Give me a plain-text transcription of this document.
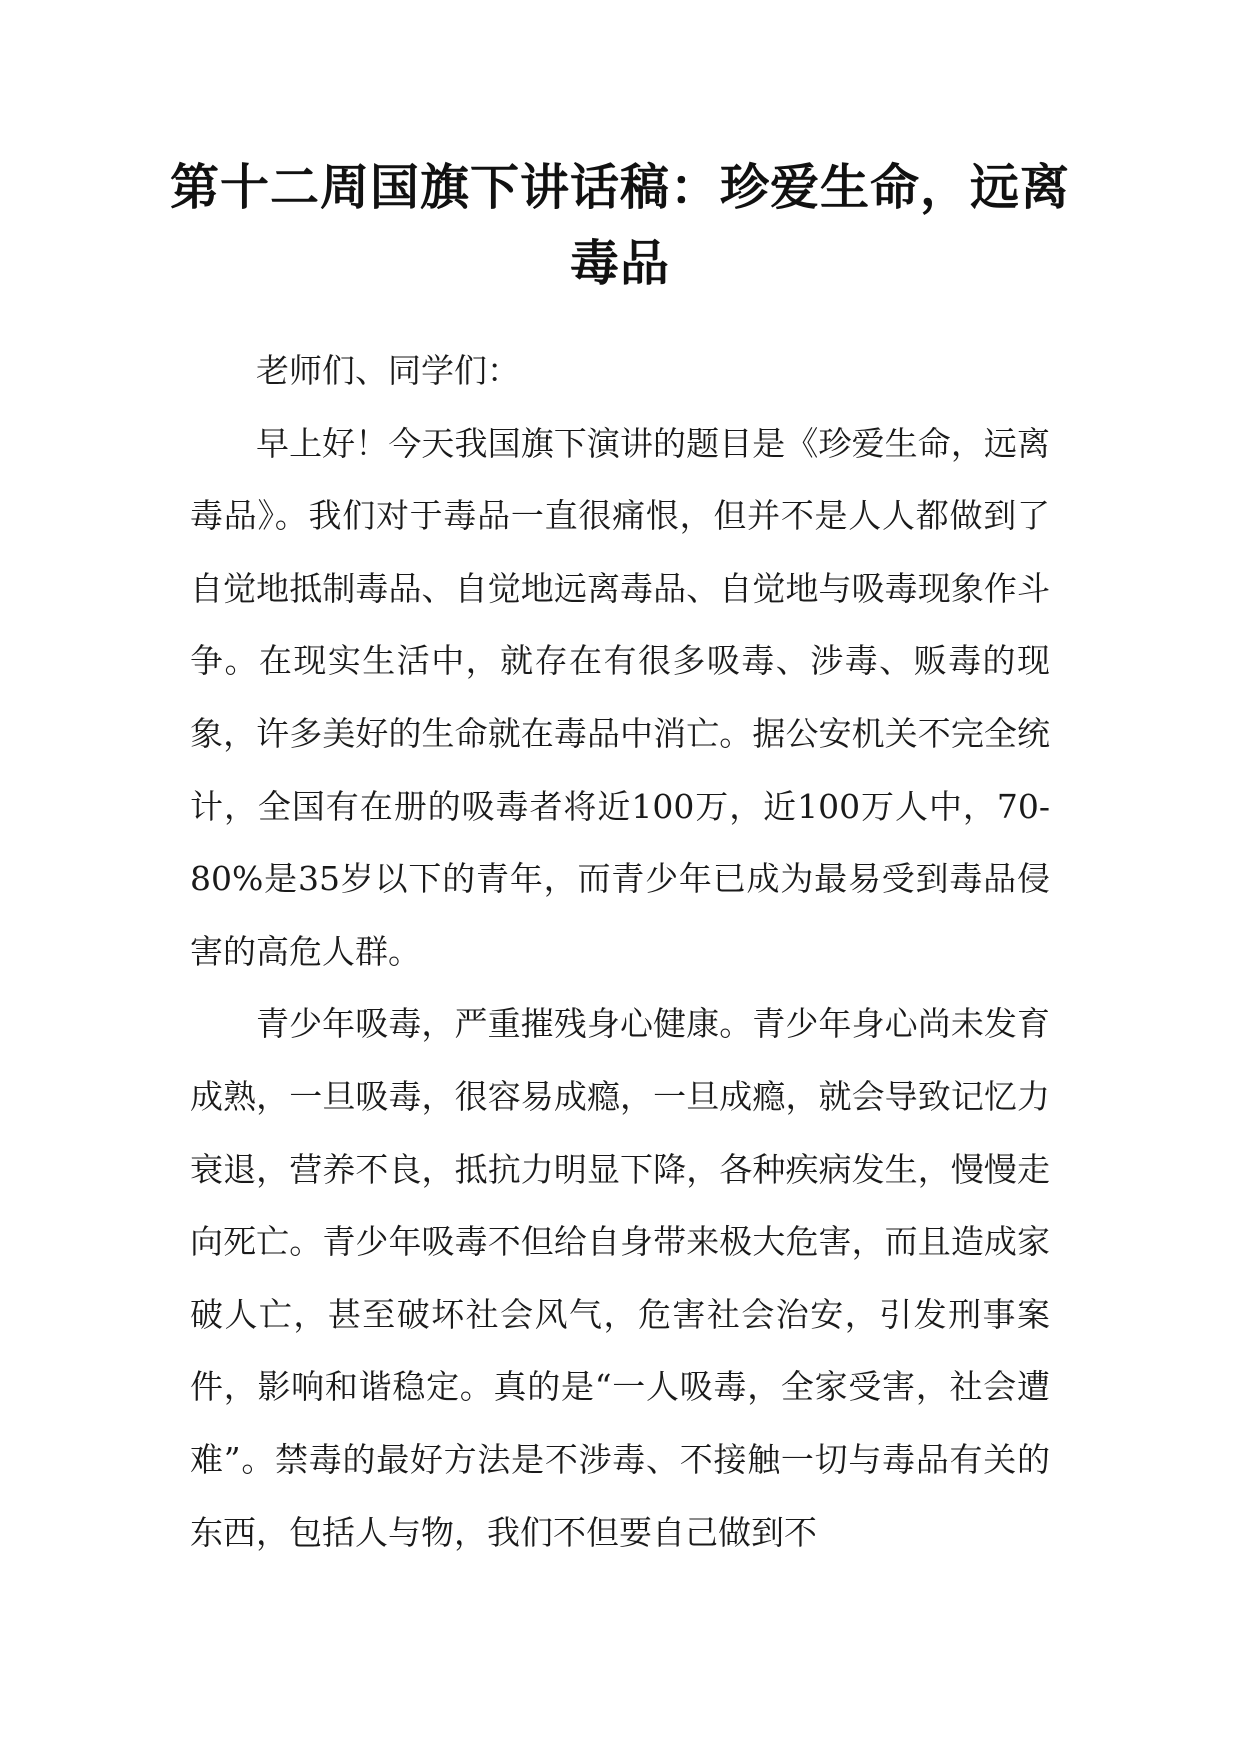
第十二周国旗下讲话稿：珍爱生命，远离毒品

老师们、同学们：

早上好！今天我国旗下演讲的题目是《珍爱生命，远离毒品》。我们对于毒品一直很痛恨，但并不是人人都做到了自觉地抵制毒品、自觉地远离毒品、自觉地与吸毒现象作斗争。在现实生活中，就存在有很多吸毒、涉毒、贩毒的现象，许多美好的生命就在毒品中消亡。据公安机关不完全统计，全国有在册的吸毒者将近100万，近100万人中，70-80%是35岁以下的青年，而青少年已成为最易受到毒品侵害的高危人群。

青少年吸毒，严重摧残身心健康。青少年身心尚未发育成熟，一旦吸毒，很容易成瘾，一旦成瘾，就会导致记忆力衰退，营养不良，抵抗力明显下降，各种疾病发生，慢慢走向死亡。青少年吸毒不但给自身带来极大危害，而且造成家破人亡，甚至破坏社会风气，危害社会治安，引发刑事案件，影响和谐稳定。真的是“一人吸毒，全家受害，社会遭难”。禁毒的最好方法是不涉毒、不接触一切与毒品有关的东西，包括人与物，我们不但要自己做到不
